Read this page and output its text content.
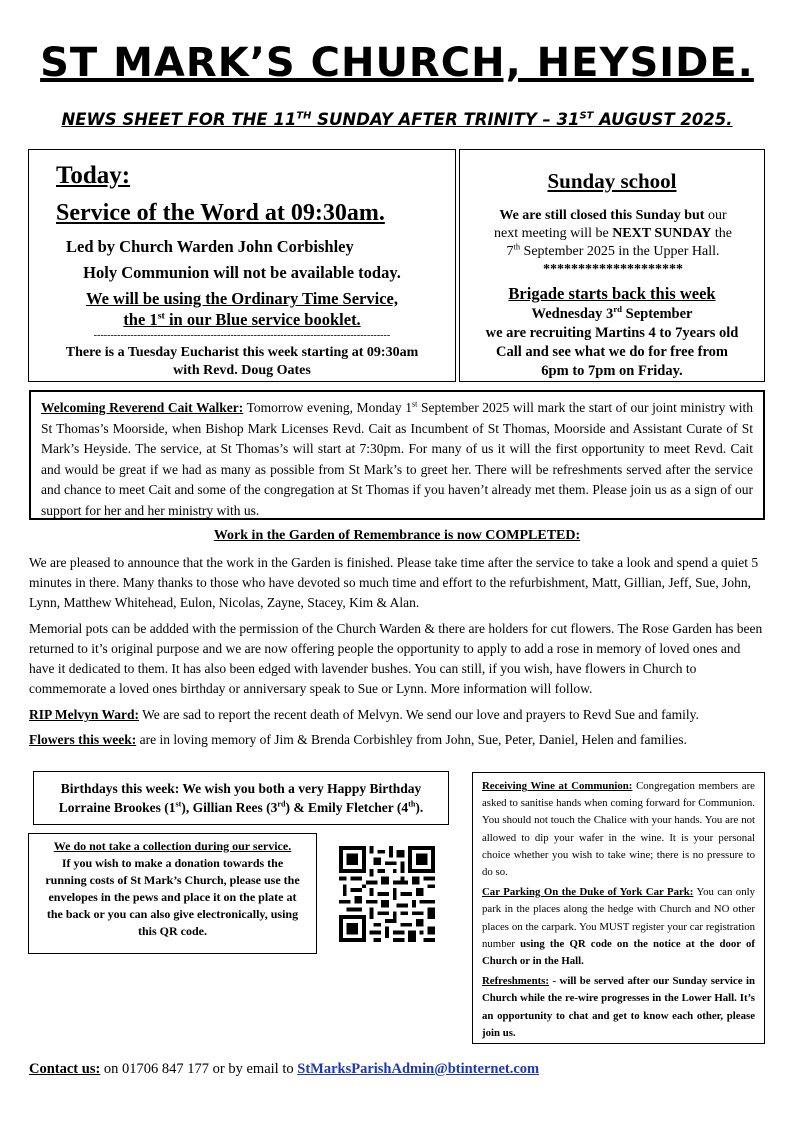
ST MARK’S CHURCH, HEYSIDE.
NEWS SHEET FOR THE 11TH SUNDAY AFTER TRINITY – 31ST AUGUST 2025.
Today:
Service of the Word at 09:30am.
Led by Church Warden John Corbishley
Holy Communion will not be available today.
We will be using the Ordinary Time Service,
the 1st in our Blue service booklet.
-----------------------------------------------------------------------------------------
There is a Tuesday Eucharist this week starting at 09:30am
with Revd. Doug Oates
Sunday school
We are still closed this Sunday but our
next meeting will be NEXT SUNDAY the
7th September 2025 in the Upper Hall.
********************
Brigade starts back this week
Wednesday 3rd September
we are recruiting Martins 4 to 7years old
Call and see what we do for free from
6pm to 7pm on Friday.
Welcoming Reverend Cait Walker: Tomorrow evening, Monday 1st September 2025 will mark the start of our joint ministry with St Thomas’s Moorside, when Bishop Mark Licenses Revd. Cait as Incumbent of St Thomas, Moorside and Assistant Curate of St Mark’s Heyside. The service, at St Thomas’s will start at 7:30pm. For many of us it will the first opportunity to meet Revd. Cait and would be great if we had as many as possible from St Mark’s to greet her. There will be refreshments served after the service and chance to meet Cait and some of the congregation at St Thomas if you haven’t already met them. Please join us as a sign of our support for her and her ministry with us.
Work in the Garden of Remembrance is now COMPLETED:
We are pleased to announce that the work in the Garden is finished. Please take time after the service to take a look and spend a quiet 5 minutes in there. Many thanks to those who have devoted so much time and effort to the refurbishment, Matt, Gillian, Jeff, Sue, John, Lynn, Matthew Whitehead, Eulon, Nicolas, Zayne, Stacey, Kim & Alan.
Memorial pots can be addded with the permission of the Church Warden & there are holders for cut flowers. The Rose Garden has been returned to it’s original purpose and we are now offering people the opportunity to apply to add a rose in memory of loved ones and have it dedicated to them. It has also been edged with lavender bushes. You can still, if you wish, have flowers in Church to commemorate a loved ones birthday or anniversary speak to Sue or Lynn. More information will follow.
RIP Melvyn Ward: We are sad to report the recent death of Melvyn. We send our love and prayers to Revd Sue and family.
Flowers this week: are in loving memory of Jim & Brenda Corbishley from John, Sue, Peter, Daniel, Helen and families.
Birthdays this week: We wish you both a very Happy Birthday
Lorraine Brookes (1st), Gillian Rees (3rd) & Emily Fletcher (4th).
We do not take a collection during our service.
If you wish to make a donation towards the running costs of St Mark’s Church, please use the envelopes in the pews and place it on the plate at the back or you can also give electronically, using this QR code.
Receiving Wine at Communion: Congregation members are asked to sanitise hands when coming forward for Communion. You should not touch the Chalice with your hands. You are not allowed to dip your wafer in the wine. It is your personal choice whether you wish to take wine; there is no pressure to do so.
Car Parking On the Duke of York Car Park: You can only park in the places along the hedge with Church and NO other places on the carpark. You MUST register your car registration number using the QR code on the notice at the door of Church or in the Hall.
Refreshments: - will be served after our Sunday service in Church while the re-wire progresses in the Lower Hall. It’s an opportunity to chat and get to know each other, please join us.
Contact us: on 01706 847 177 or by email to StMarksParishAdmin@btinternet.com
